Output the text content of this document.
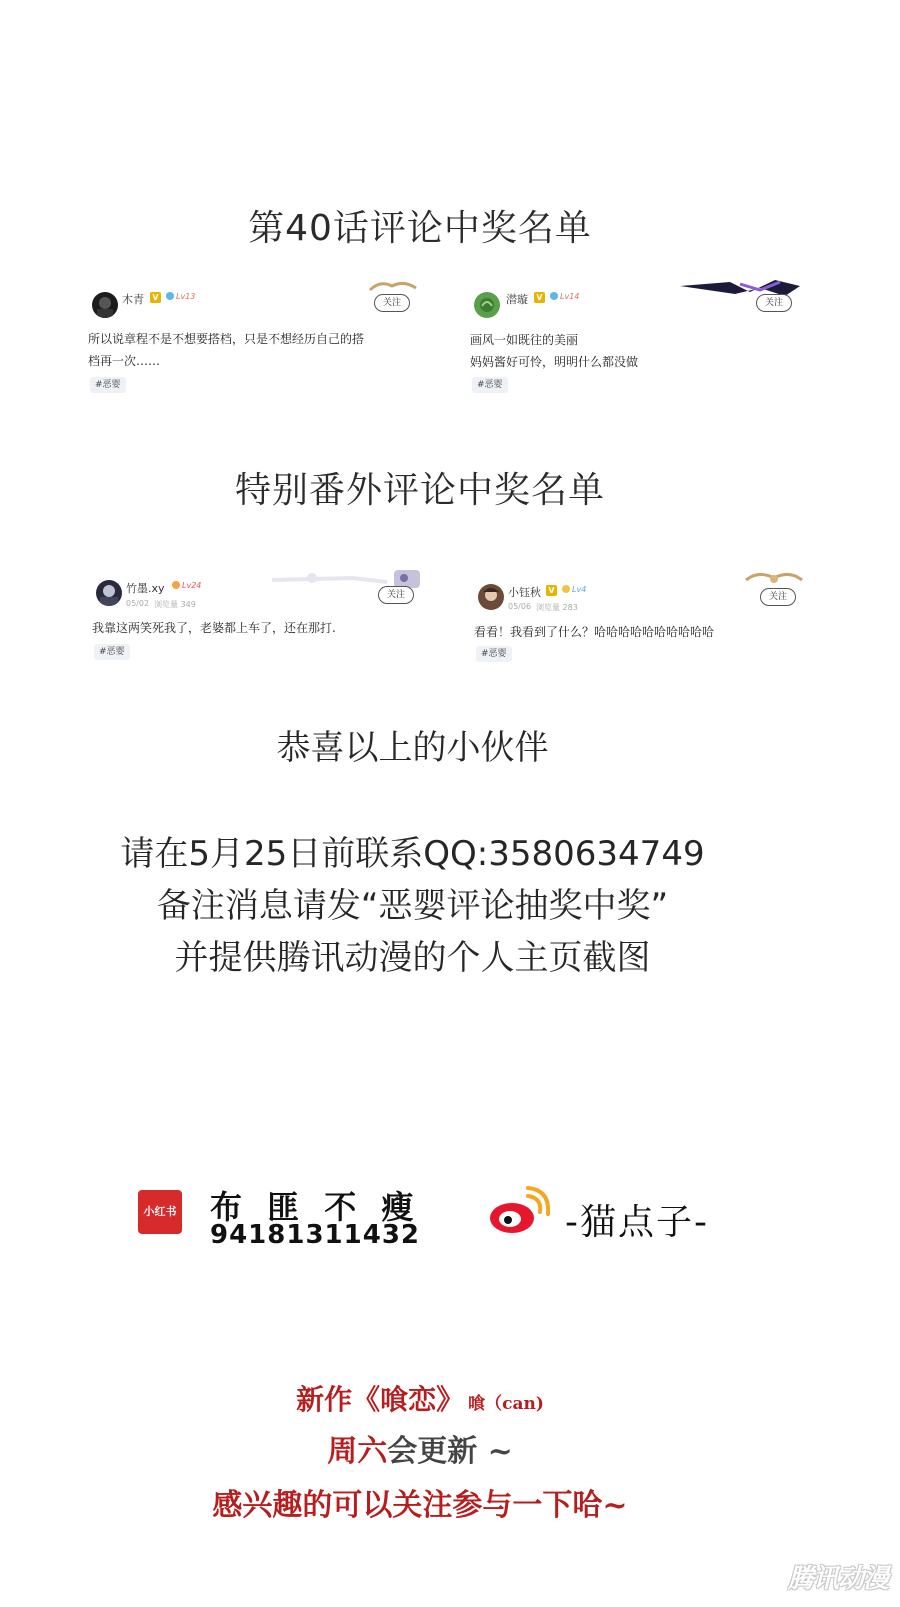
第40话评论中奖名单
木青 V	Lv13
关注
所以说章程不是不想要搭档，只是不想经历自己的搭
档再一次……
#恶婴
潜璇 V	Lv14
关注
画风一如既往的美丽
妈妈酱好可怜，明明什么都没做
#恶婴
特别番外评论中奖名单
竹墨.xy	Lv24
05/02 浏览量 349
关注
我靠这两笑死我了，老婆都上车了，还在那打.
#恶婴
小钰秋 V	Lv4
05/06 浏览量 283
关注
看看！我看到了什么？哈哈哈哈哈哈哈哈哈哈
#恶婴
恭喜以上的小伙伴
请在5月25日前联系QQ:3580634749
备注消息请发“恶婴评论抽奖中奖”
并提供腾讯动漫的个人主页截图
小红书 布 匪 不 瘦
94181311432	-猫点子-
新作《喰恋》 喰（can)
周六会更新 ~
感兴趣的可以关注参与一下哈~
腾讯动漫
